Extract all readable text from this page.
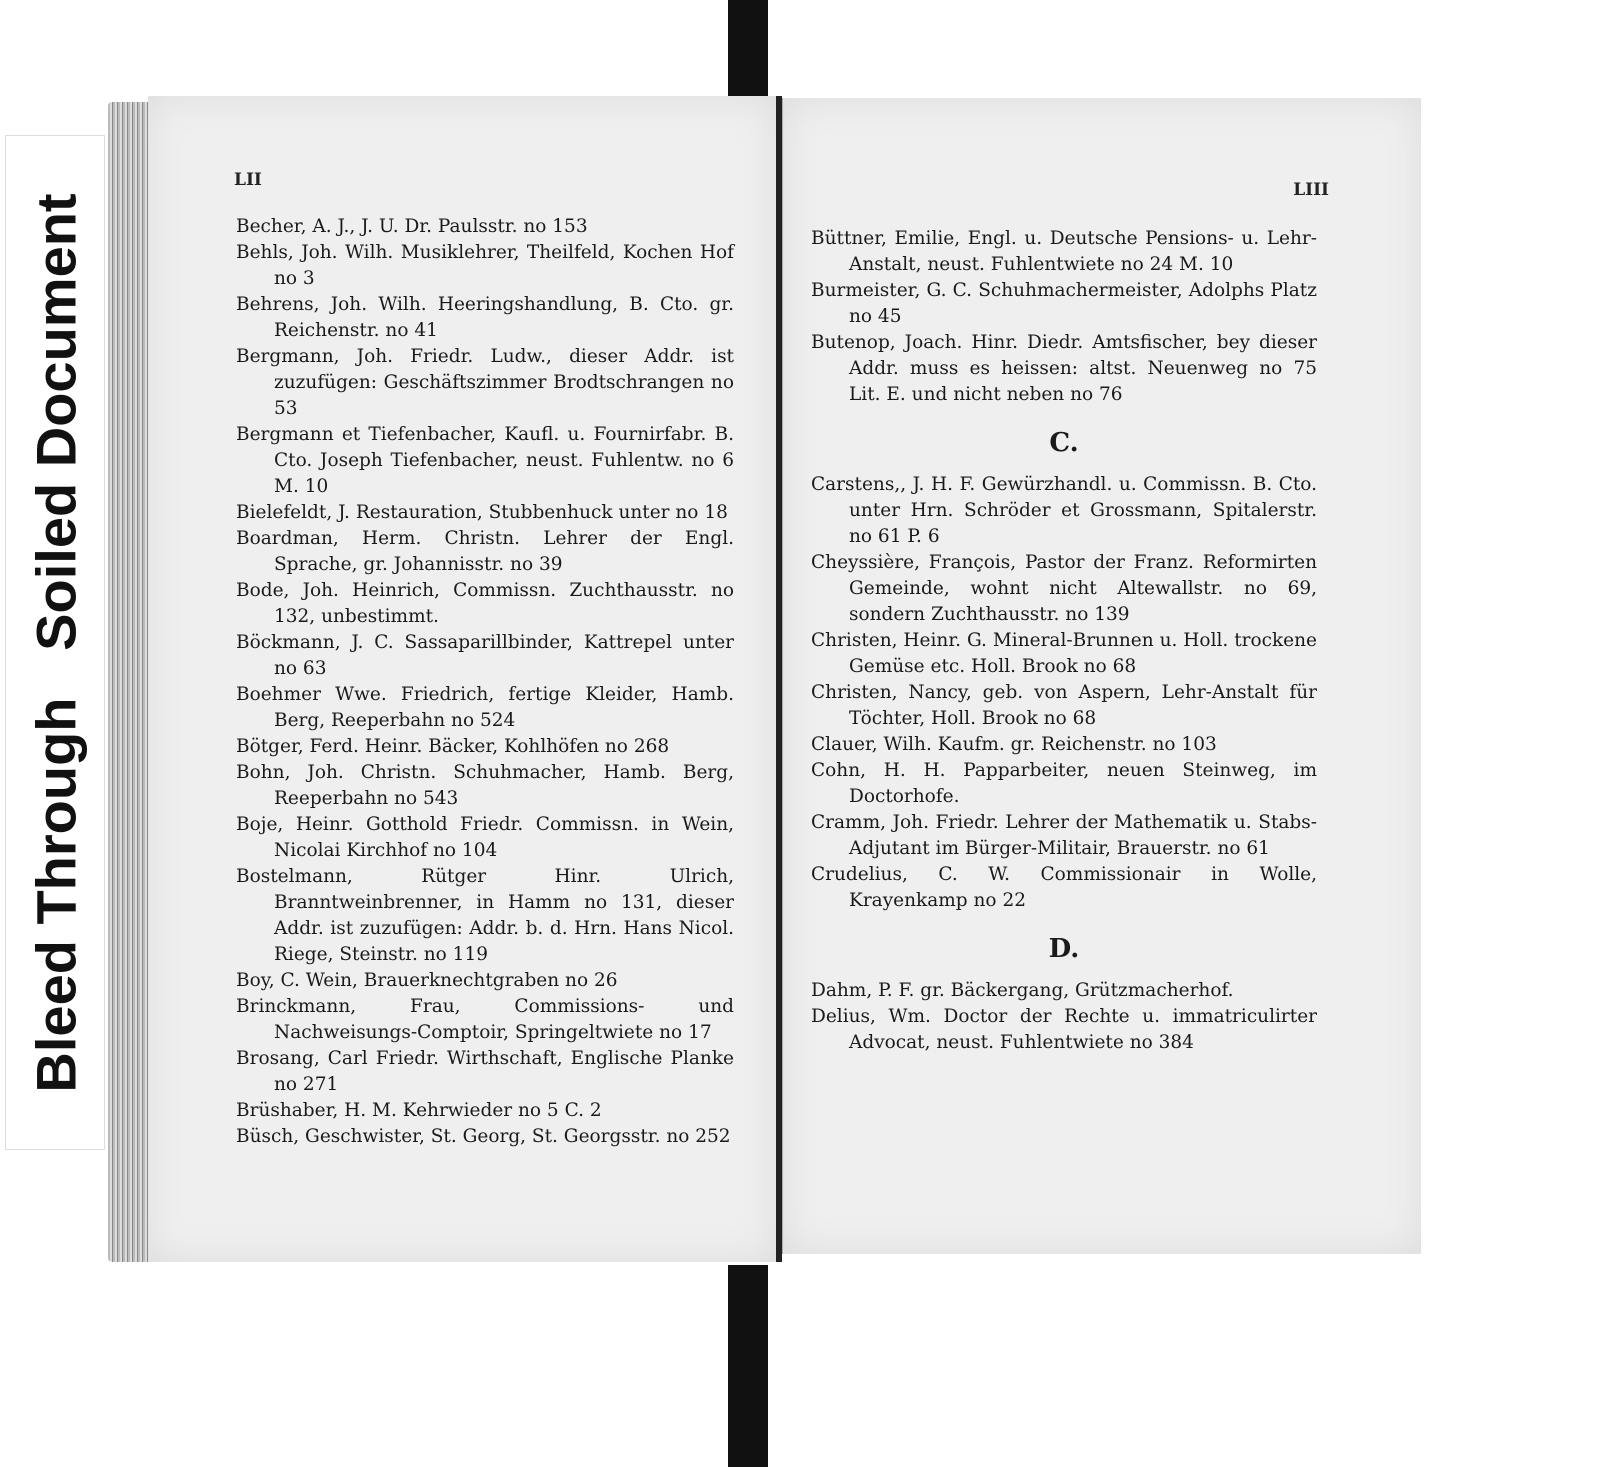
Bleed Through   Soiled Document
LII

Becher, A. J., J. U. Dr. Paulsstr. no 153

Behls, Joh. Wilh. Musiklehrer, Theilfeld, Kochen Hof no 3

Behrens, Joh. Wilh. Heeringshandlung, B. Cto. gr. Reichenstr. no 41

Bergmann, Joh. Friedr. Ludw., dieser Addr. ist zuzufügen: Geschäftszimmer Brodtschrangen no 53

Bergmann et Tiefenbacher, Kaufl. u. Fournirfabr. B. Cto. Joseph Tiefenbacher, neust. Fuhlentw. no 6 M. 10

Bielefeldt, J. Restauration, Stubbenhuck unter no 18

Boardman, Herm. Christn. Lehrer der Engl. Sprache, gr. Johannisstr. no 39

Bode, Joh. Heinrich, Commissn. Zuchthausstr. no 132, unbestimmt.

Böckmann, J. C. Sassaparillbinder, Kattrepel unter no 63

Boehmer Wwe. Friedrich, fertige Kleider, Hamb. Berg, Reeperbahn no 524

Bötger, Ferd. Heinr. Bäcker, Kohlhöfen no 268

Bohn, Joh. Christn. Schuhmacher, Hamb. Berg, Reeperbahn no 543

Boje, Heinr. Gotthold Friedr. Commissn. in Wein, Nicolai Kirchhof no 104

Bostelmann, Rütger Hinr. Ulrich, Branntweinbrenner, in Hamm no 131, dieser Addr. ist zuzufügen: Addr. b. d. Hrn. Hans Nicol. Riege, Steinstr. no 119

Boy, C. Wein, Brauerknechtgraben no 26

Brinckmann, Frau, Commissions- und Nachweisungs-Comptoir, Springeltwiete no 17

Brosang, Carl Friedr. Wirthschaft, Englische Planke no 271

Brüshaber, H. M. Kehrwieder no 5 C. 2

Büsch, Geschwister, St. Georg, St. Georgsstr. no 252

LIII

Büttner, Emilie, Engl. u. Deutsche Pensions- u. Lehr-Anstalt, neust. Fuhlentwiete no 24 M. 10

Burmeister, G. C. Schuhmachermeister, Adolphs Platz no 45

Butenop, Joach. Hinr. Diedr. Amtsfischer, bey dieser Addr. muss es heissen: altst. Neuenweg no 75 Lit. E. und nicht neben no 76

C.

Carstens,, J. H. F. Gewürzhandl. u. Commissn. B. Cto. unter Hrn. Schröder et Grossmann, Spitalerstr. no 61 P. 6

Cheyssière, François, Pastor der Franz. Reformirten Gemeinde, wohnt nicht Altewallstr. no 69, sondern Zuchthausstr. no 139

Christen, Heinr. G. Mineral-Brunnen u. Holl. trockene Gemüse etc. Holl. Brook no 68

Christen, Nancy, geb. von Aspern, Lehr-Anstalt für Töchter, Holl. Brook no 68

Clauer, Wilh. Kaufm. gr. Reichenstr. no 103

Cohn, H. H. Papparbeiter, neuen Steinweg, im Doctorhofe.

Cramm, Joh. Friedr. Lehrer der Mathematik u. Stabs-Adjutant im Bürger-Militair, Brauerstr. no 61

Crudelius, C. W. Commissionair in Wolle, Krayenkamp no 22

D.

Dahm, P. F. gr. Bäckergang, Grützmacherhof.

Delius, Wm. Doctor der Rechte u. immatriculirter Advocat, neust. Fuhlentwiete no 384
